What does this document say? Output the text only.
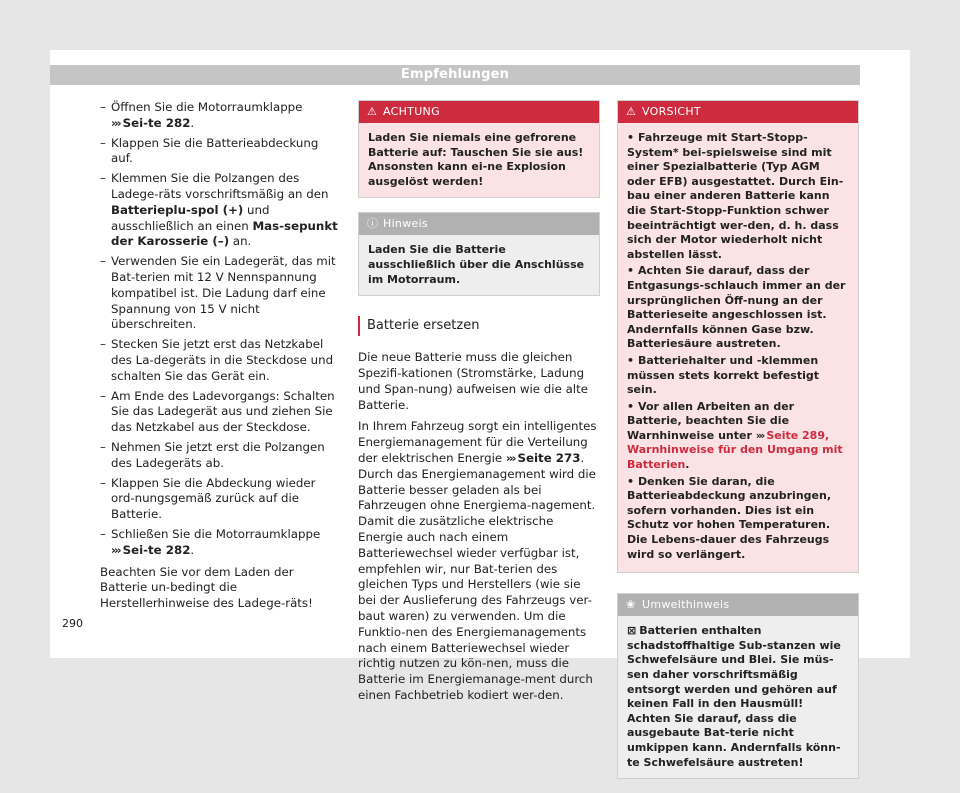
Empfehlungen
– Öffnen Sie die Motorraumklappe ››› Sei-te 282.
– Klappen Sie die Batterieabdeckung auf.
– Klemmen Sie die Polzangen des Ladege-räts vorschriftsmäßig an den Batterieplu-spol (+) und ausschließlich an einen Mas-sepunkt der Karosserie (–) an.
– Verwenden Sie ein Ladegerät, das mit Bat-terien mit 12 V Nennspannung kompatibel ist. Die Ladung darf eine Spannung von 15 V nicht überschreiten.
– Stecken Sie jetzt erst das Netzkabel des La-degeräts in die Steckdose und schalten Sie das Gerät ein.
– Am Ende des Ladevorgangs: Schalten Sie das Ladegerät aus und ziehen Sie das Netzkabel aus der Steckdose.
– Nehmen Sie jetzt erst die Polzangen des Ladegeräts ab.
– Klappen Sie die Abdeckung wieder ord-nungsgemäß zurück auf die Batterie.
– Schließen Sie die Motorraumklappe ››› Sei-te 282.

Beachten Sie vor dem Laden der Batterie un-bedingt die Herstellerhinweise des Ladege-räts!

⚠ ACHTUNG
Laden Sie niemals eine gefrorene Batterie auf: Tauschen Sie sie aus! Ansonsten kann ei-ne Explosion ausgelöst werden!
ⓘ Hinweis
Laden Sie die Batterie ausschließlich über die Anschlüsse im Motorraum.
Batterie ersetzen

Die neue Batterie muss die gleichen Spezifi-kationen (Stromstärke, Ladung und Span-nung) aufweisen wie die alte Batterie.

In Ihrem Fahrzeug sorgt ein intelligentes Energiemanagement für die Verteilung der elektrischen Energie ››› Seite 273. Durch das Energiemanagement wird die Batterie besser geladen als bei Fahrzeugen ohne Energiema-nagement. Damit die zusätzliche elektrische Energie auch nach einem Batteriewechsel wieder verfügbar ist, empfehlen wir, nur Bat-terien des gleichen Typs und Herstellers (wie sie bei der Auslieferung des Fahrzeugs ver-baut waren) zu verwenden. Um die Funktio-nen des Energiemanagements nach einem Batteriewechsel wieder richtig nutzen zu kön-nen, muss die Batterie im Energiemanage-ment durch einen Fachbetrieb kodiert wer-den.

⚠ VORSICHT
• Fahrzeuge mit Start-Stopp-System* bei-spielsweise sind mit einer Spezialbatterie (Typ AGM oder EFB) ausgestattet. Durch Ein-bau einer anderen Batterie kann die Start-Stopp-Funktion schwer beeinträchtigt wer-den, d. h. dass sich der Motor wiederholt nicht abstellen lässt.
• Achten Sie darauf, dass der Entgasungs-schlauch immer an der ursprünglichen Öff-nung an der Batterieseite angeschlossen ist. Andernfalls können Gase bzw. Batteriesäure austreten.
• Batteriehalter und -klemmen müssen stets korrekt befestigt sein.
• Vor allen Arbeiten an der Batterie, beachten Sie die Warnhinweise unter ››› Seite 289, Warnhinweise für den Umgang mit Batterien.
• Denken Sie daran, die Batterieabdeckung anzubringen, sofern vorhanden. Dies ist ein Schutz vor hohen Temperaturen. Die Lebens-dauer des Fahrzeugs wird so verlängert.
❀ Umwelthinweis
⊠ Batterien enthalten schadstoffhaltige Sub-stanzen wie Schwefelsäure und Blei. Sie müs-sen daher vorschriftsmäßig entsorgt werden und gehören auf keinen Fall in den Hausmüll! Achten Sie darauf, dass die ausgebaute Bat-terie nicht umkippen kann. Andernfalls könn-te Schwefelsäure austreten!
290
